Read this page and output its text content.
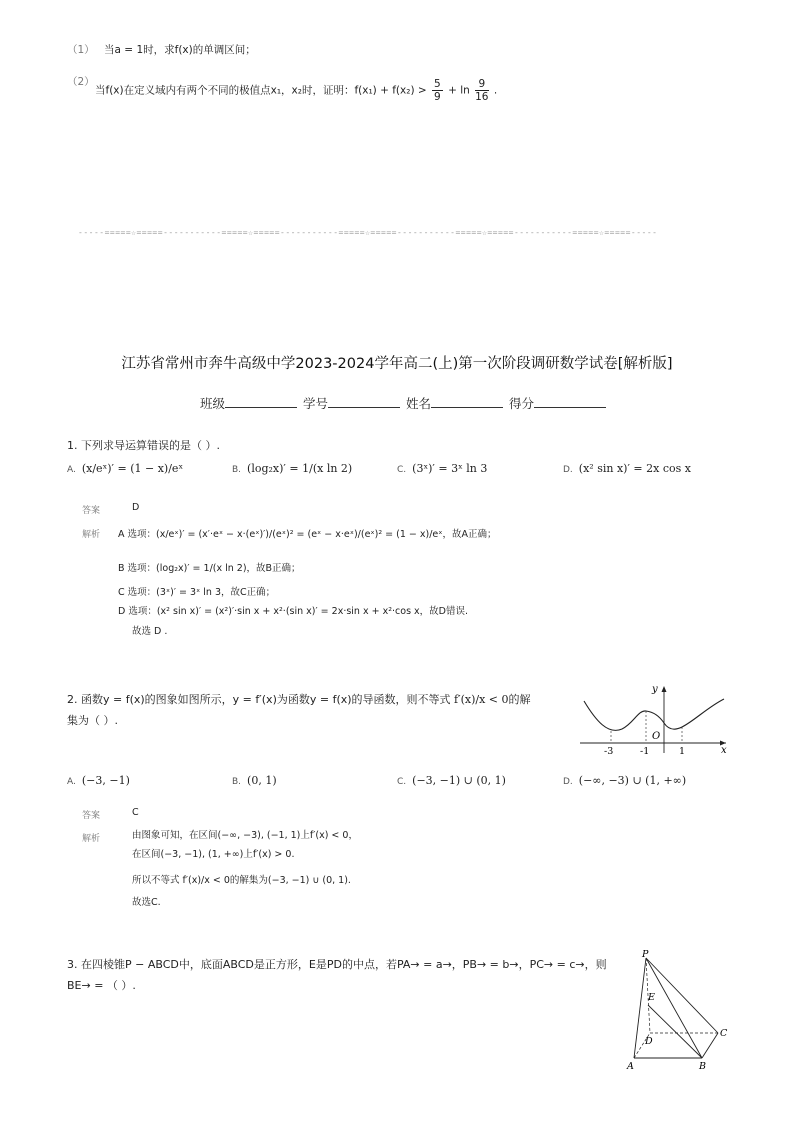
（1） 当a = 1时，求f(x)的单调区间；
（2）
当f(x)在定义域内有两个不同的极值点x₁，x₂时，证明：$f(x_1) + f(x_2) > \frac{5}{9} + \ln \frac{9}{16}$ .
-----=====☆=====-----------=====☆=====-----------=====☆=====-----------=====☆=====-----------=====☆=====-----
江苏省常州市奔牛高级中学2023-2024学年高二(上)第一次阶段调研数学试卷[解析版]
班级	学号	姓名	得分
1. 下列求导运算错误的是（ ）.
A. (x/eˣ)′ = (1 − x)/eˣ	B. (log₂x)′ = 1/(x ln 2)	C. (3ˣ)′ = 3ˣ ln 3	D. (x² sin x)′ = 2x cos x
答案	D
解析 A 选项：(x/eˣ)′ = (x′·eˣ − x·(eˣ)′)/(eˣ)² = (eˣ − x·eˣ)/(eˣ)² = (1 − x)/eˣ，故A正确；
B 选项：(log₂x)′ = 1/(x ln 2)，故B正确；
C 选项：(3ˣ)′ = 3ˣ ln 3，故C正确；
D 选项：(x² sin x)′ = (x²)′·sin x + x²·(sin x)′ = 2x·sin x + x²·cos x，故D错误.
故选 D .
2. 函数y = f(x)的图象如图所示，y = f′(x)为函数y = f(x)的导函数，则不等式 f′(x)/x < 0的解
集为（ ）.
y
x
O
-3	-1	1
A. (−3, −1)	B. (0, 1)	C. (−3, −1) ∪ (0, 1)	D. (−∞, −3) ∪ (1, +∞)
答案	C
解析	由图象可知，在区间(−∞, −3), (−1, 1)上f′(x) < 0，
在区间(−3, −1), (1, +∞)上f′(x) > 0.
所以不等式 f′(x)/x < 0的解集为(−3, −1) ∪ (0, 1).
故选C.
3. 在四棱锥P − ABCD中，底面ABCD是正方形，E是PD的中点，若PA→ = a→，PB→ = b→，PC→ = c→，则
BE→ = （ ）.
P
E
D
C
A	B
